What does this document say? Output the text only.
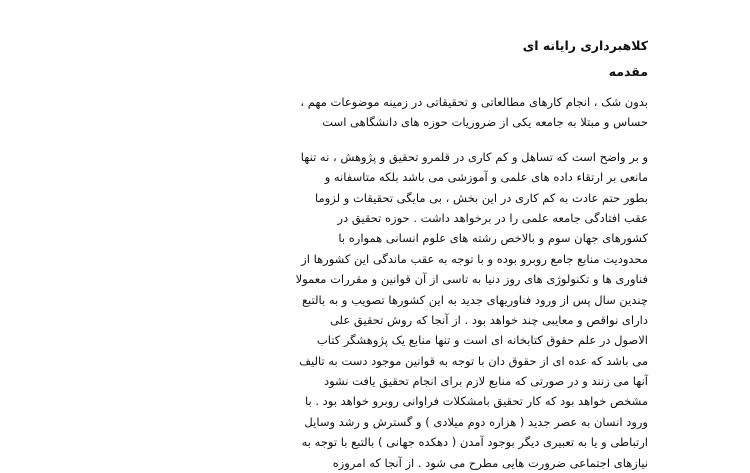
کلاهبرداری رایانه ای
مقدمه
بدون شک ، انجام کارهای مطالعاتی و تحقیقاتی در زمینه موضوعات مهم ،
حساس و مبتلا به جامعه یکی از ضروریات حوزه های دانشگاهی است
و بر واضح است که تساهل و کم کاری در قلمرو تحقیق و پژوهش ، نه تنها
مانعی بر ارتقاء داده های علمی و آموزشی می باشد بلکه متاسفانه و
بطور حتم عادت به کم کاری در این بخش ، بی مایگی تحقیقات و لزوما
عقب افتادگی جامعه علمی را در برخواهد داشت . حوزه تحقیق در
کشورهای جهان سوم و بالاخص رشته های علوم انسانی همواره با
محدودیت منابع جامع روبرو بوده و با توجه به عقب ماندگی این کشورها از
فناوری ها و تکنولوژی های روز دنیا به تاسی از آن قوانین و مقررات معمولا
چندین سال پس از ورود فناوریهای جدید به این کشورها تصویب و به بالتبع
دارای نواقص و معایبی چند خواهد بود . از آنجا که روش تحقیق علی
الاصول در علم حقوق کتابخانه ای است و تنها منابع یک پژوهشگر کتاب
می باشد که عده ای از حقوق دان با توجه به قوانین موجود دست به تالیف
آنها می زنند و در صورتی که منابع لازم برای انجام تحقیق یافت نشود
مشخص خواهد بود که کار تحقیق بامشکلات فراوانی روبرو خواهد بود . با
ورود انسان به عصر جدید ( هزاره دوم میلادی ) و گسترش و رشد وسایل
ارتباطی و یا به تعبیری دیگر بوجود آمدن ( دهکده جهانی ) بالتبع با توجه به
نیازهای اجتماعی ضرورت هایی مطرح می شود . از آنجا که امروزه
